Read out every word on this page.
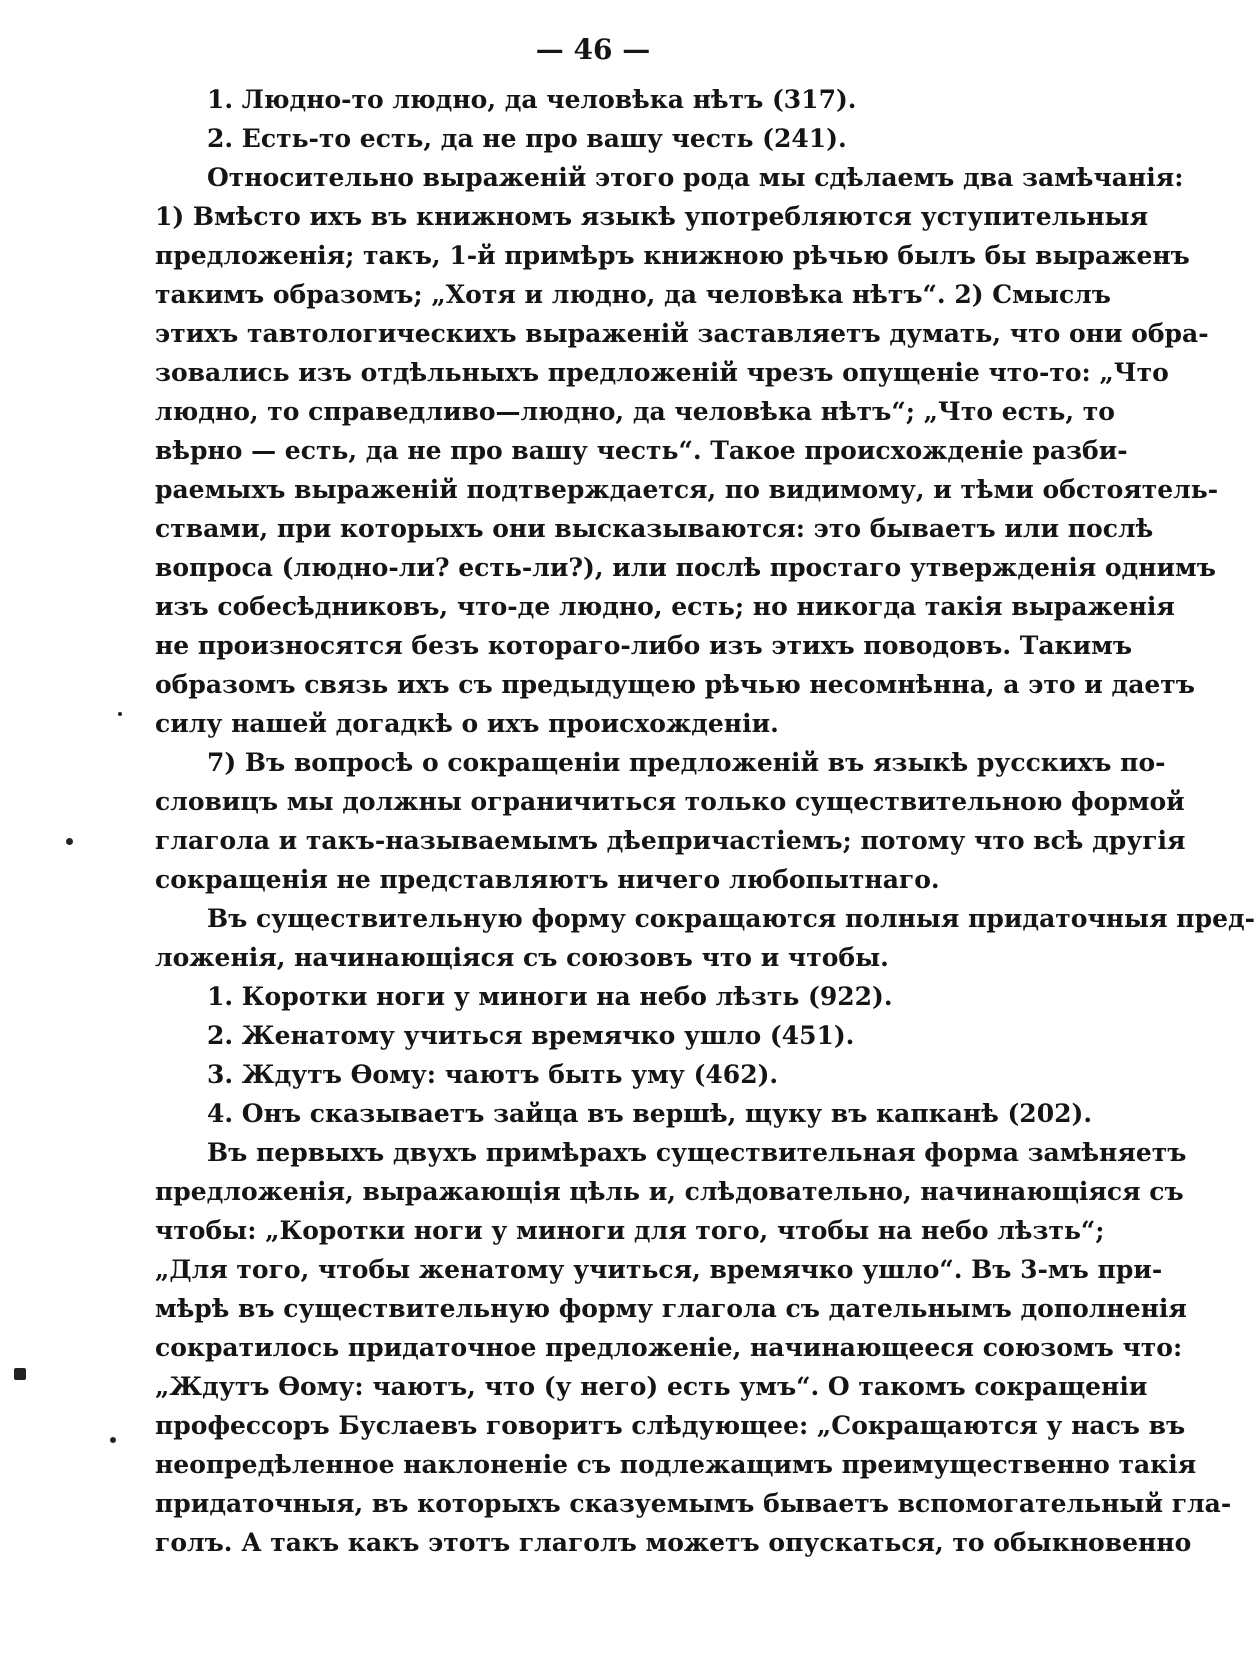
— 46 —
1. Людно-то людно, да человѣка нѣтъ (317).
2. Есть-то есть, да не про вашу честь (241).
Относительно выраженій этого рода мы сдѣлаемъ два замѣчанія:
1) Вмѣсто ихъ въ книжномъ языкѣ употребляются уступительныя
предложенія; такъ, 1-й примѣръ книжною рѣчью былъ бы выраженъ
такимъ образомъ; „Хотя и людно, да человѣка нѣтъ“. 2) Смыслъ
этихъ тавтологическихъ выраженій заставляетъ думать, что они обра-
зовались изъ отдѣльныхъ предложеній чрезъ опущеніе что-то: „Что
людно, то справедливо—людно, да человѣка нѣтъ“; „Что есть, то
вѣрно — есть, да не про вашу честь“. Такое происхожденіе разби-
раемыхъ выраженій подтверждается, по видимому, и тѣми обстоятель-
ствами, при которыхъ они высказываются: это бываетъ или послѣ
вопроса (людно-ли? есть-ли?), или послѣ простаго утвержденія однимъ
изъ собесѣдниковъ, что-де людно, есть; но никогда такія выраженія
не произносятся безъ котораго-либо изъ этихъ поводовъ. Такимъ
образомъ связь ихъ съ предыдущею рѣчью несомнѣнна, а это и даетъ
силу нашей догадкѣ о ихъ происхожденіи.
7) Въ вопросѣ о сокращеніи предложеній въ языкѣ русскихъ по-
словицъ мы должны ограничиться только существительною формой
глагола и такъ-называемымъ дѣепричастіемъ; потому что всѣ другія
сокращенія не представляютъ ничего любопытнаго.
Въ существительную форму сокращаются полныя придаточныя пред-
ложенія, начинающіяся съ союзовъ что и чтобы.
1. Коротки ноги у миноги на небо лѣзть (922).
2. Женатому учиться времячко ушло (451).
3. Ждутъ Ѳому: чаютъ быть уму (462).
4. Онъ сказываетъ зайца въ вершѣ, щуку въ капканѣ (202).
Въ первыхъ двухъ примѣрахъ существительная форма замѣняетъ
предложенія, выражающія цѣль и, слѣдовательно, начинающіяся съ
чтобы: „Коротки ноги у миноги для того, чтобы на небо лѣзть“;
„Для того, чтобы женатому учиться, времячко ушло“. Въ 3-мъ при-
мѣрѣ въ существительную форму глагола съ дательнымъ дополненія
сократилось придаточное предложеніе, начинающееся союзомъ что:
„Ждутъ Ѳому: чаютъ, что (у него) есть умъ“. О такомъ сокращеніи
профессоръ Буслаевъ говоритъ слѣдующее: „Сокращаются у насъ въ
неопредѣленное наклоненіе съ подлежащимъ преимущественно такія
придаточныя, въ которыхъ сказуемымъ бываетъ вспомогательный гла-
голъ. А такъ какъ этотъ глаголъ можетъ опускаться, то обыкновенно
